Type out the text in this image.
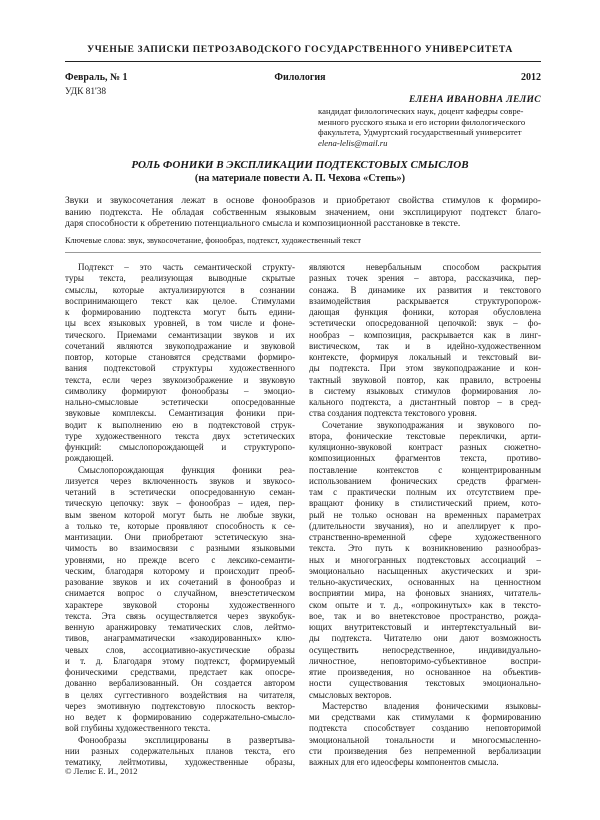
УЧЕНЫЕ ЗАПИСКИ ПЕТРОЗАВОДСКОГО ГОСУДАРСТВЕННОГО УНИВЕРСИТЕТА
Февраль, № 1	Филология	2012
УДК 81'38
ЕЛЕНА ИВАНОВНА ЛЕЛИС
кандидат филологических наук, доцент кафедры совре-
менного русского языка и его истории филологического
факультета, Удмуртский государственный университет
elena-lelis@mail.ru
РОЛЬ ФОНИКИ В ЭКСПЛИКАЦИИ ПОДТЕКСТОВЫХ СМЫСЛОВ
(на материале повести А. П. Чехова «Степь»)
Звуки и звукосочетания лежат в основе фонообразов и приобретают свойства стимулов к формиро-
ванию подтекста. Не обладая собственным языковым значением, они эксплицируют подтекст благо-
даря способности к обретению потенциального смысла и композиционной расстановке в тексте.
Ключевые слова: звук, звукосочетание, фонообраз, подтекст, художественный текст
Подтекст – это часть семантической структу-
туры текста, реализующая выводные скрытые
смыслы, которые актуализируются в сознании
воспринимающего текст как целое. Стимулами
к формированию подтекста могут быть едини-
цы всех языковых уровней, в том числе и фоне-
тического. Приемами семантизации звуков и их
сочетаний являются звукоподражание и звуковой
повтор, которые становятся средствами формиро-
вания подтекстовой структуры художественного
текста, если через звукоизображение и звуковую
символику формируют фонообразы – эмоцио-
нально-смысловые эстетически опосредованные
звуковые комплексы. Семантизация фоники при-
водит к выполнению ею в подтекстовой струк-
туре художественного текста двух эстетических
функций: смыслопорождающей и структуропо-
рождающей.
Смыслопорождающая функция фоники реа-
лизуется через включенность звуков и звукосо-
четаний в эстетически опосредованную семан-
тическую цепочку: звук – фонообраз – идея, пер-
вым звеном которой могут быть не любые звуки,
а только те, которые проявляют способность к се-
мантизации. Они приобретают эстетическую зна-
чимость во взаимосвязи с разными языковыми
уровнями, но прежде всего с лексико-семанти-
ческим, благодаря которому и происходит преоб-
разование звуков и их сочетаний в фонообраз и
снимается вопрос о случайном, внеэстетическом
характере звуковой стороны художественного
текста. Эта связь осуществляется через звукобук-
венную аранжировку тематических слов, лейтмо-
тивов, анаграмматически «закодированных» клю-
чевых слов, ассоциативно-акустические образы
и т. д. Благодаря этому подтекст, формируемый
фоническими средствами, предстает как опосре-
дованно вербализованный. Он создается автором
в целях суггестивного воздействия на читателя,
через эмотивную подтекстовую плоскость вектор-
но ведет к формированию содержательно-смысло-
вой глубины художественного текста.
Фонообразы эксплицированы в развертыва-
нии разных содержательных планов текста, его
тематику, лейтмотивы, художественные образы,
являются невербальным способом раскрытия
разных точек зрения – автора, рассказчика, пер-
сонажа. В динамике их развития и текстового
взаимодействия раскрывается структуропорож-
дающая функция фоники, которая обусловлена
эстетически опосредованной цепочкой: звук – фо-
нообраз – композиция, раскрывается как в линг-
вистическом, так и в идейно-художественном
контексте, формируя локальный и текстовый ви-
ды подтекста. При этом звукоподражание и кон-
тактный звуковой повтор, как правило, встроены
в систему языковых стимулов формирования ло-
кального подтекста, а дистантный повтор – в сред-
ства создания подтекста текстового уровня.
Сочетание звукоподражания и звукового по-
втора, фонические текстовые переклички, арти-
куляционно-звуковой контраст разных сюжетно-
композиционных фрагментов текста, противо-
поставление контекстов с концентрированным
использованием фонических средств фрагмен-
там с практически полным их отсутствием пре-
вращают фонику в стилистический прием, кото-
рый не только основан на временных параметрах
(длительности звучания), но и апеллирует к про-
странственно-временной сфере художественного
текста. Это путь к возникновению разнообраз-
ных и многогранных подтекстовых ассоциаций –
эмоционально насыщенных акустических и зри-
тельно-акустических, основанных на ценностном
восприятии мира, на фоновых знаниях, читатель-
ском опыте и т. д., «опрокинутых» как в тексто-
вое, так и во внетекстовое пространство, рожда-
ющих внутритекстовый и интертекстуальный ви-
ды подтекста. Читателю они дают возможность
осуществить непосредственное, индивидуально-
личностное, неповторимо-субъективное воспри-
ятие произведения, но основанное на объектив-
ности существования текстовых эмоционально-
смысловых векторов.
Мастерство владения фоническими языковы-
ми средствами как стимулами к формированию
подтекста способствует созданию неповторимой
эмоциональной тональности и многосмысленно-
сти произведения без непременной вербализации
важных для его идеосферы компонентов смысла.
© Лелис Е. И., 2012
